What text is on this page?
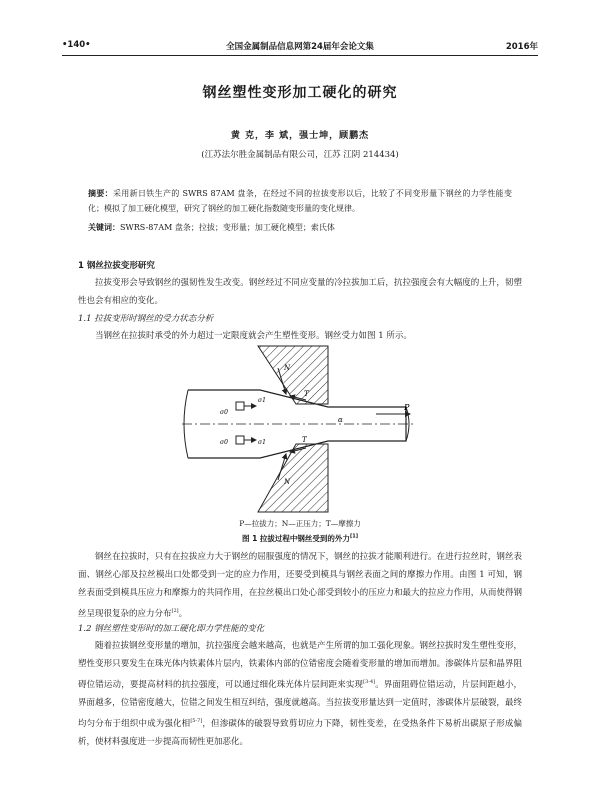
•140•	全国金属制品信息网第24届年会论文集	2016年
钢丝塑性变形加工硬化的研究
黄 克，李 斌，强士坤，顾鹏杰
(江苏法尔胜金属制品有限公司，江苏 江阴 214434)
摘要：采用新日铁生产的 SWRS 87AM 盘条，在经过不同的拉拔变形以后，比较了不同变形量下钢丝的力学性能变化；模拟了加工硬化模型，研究了钢丝的加工硬化指数随变形量的变化规律。
关键词：SWRS-87AM 盘条；拉拔；变形量；加工硬化模型；索氏体
1 钢丝拉拔变形研究
拉拔变形会导致钢丝的强韧性发生改变。钢丝经过不同应变量的冷拉拔加工后，抗拉强度会有大幅度的上升，韧塑性也会有相应的变化。
1.1 拉拔变形时钢丝的受力状态分析
当钢丝在拉拔时承受的外力超过一定限度就会产生塑性变形。钢丝受力如图 1 所示。
P
σ1
σ0
σ1
σ0
N
N
T
T
α
P—拉拔力；N—正压力；T—摩擦力
图 1 拉拔过程中钢丝受到的外力[1]
钢丝在拉拔时，只有在拉拔应力大于钢丝的屈服强度的情况下，钢丝的拉拔才能顺利进行。在进行拉丝时，钢丝表面、钢丝心部及拉丝模出口处都受到一定的应力作用，还要受到模具与钢丝表面之间的摩擦力作用。由图 1 可知，钢丝表面受到模具压应力和摩擦力的共同作用，在拉丝模出口处心部受到较小的压应力和最大的拉应力作用，从而使得钢丝呈现很复杂的应力分布[2]。
1.2 钢丝塑性变形时的加工硬化即力学性能的变化
随着拉拔钢丝变形量的增加，抗拉强度会越来越高，也就是产生所谓的加工强化现象。钢丝拉拔时发生塑性变形，塑性变形只要发生在珠光体内铁素体片层内，铁素体内部的位错密度会随着变形量的增加而增加。渗碳体片层和晶界阻碍位错运动，要提高材料的抗拉强度，可以通过细化珠光体片层间距来实现[3-4]。界面阻碍位错运动，片层间距越小，界面越多，位错密度越大，位错之间发生相互纠结，强度就越高。当拉拔变形量达到一定值时，渗碳体片层破裂，最终均匀分布于组织中成为强化相[5-7]，但渗碳体的破裂导致剪切应力下降，韧性变差，在受热条件下易析出碳原子形成偏析，使材料强度进一步提高而韧性更加恶化。
